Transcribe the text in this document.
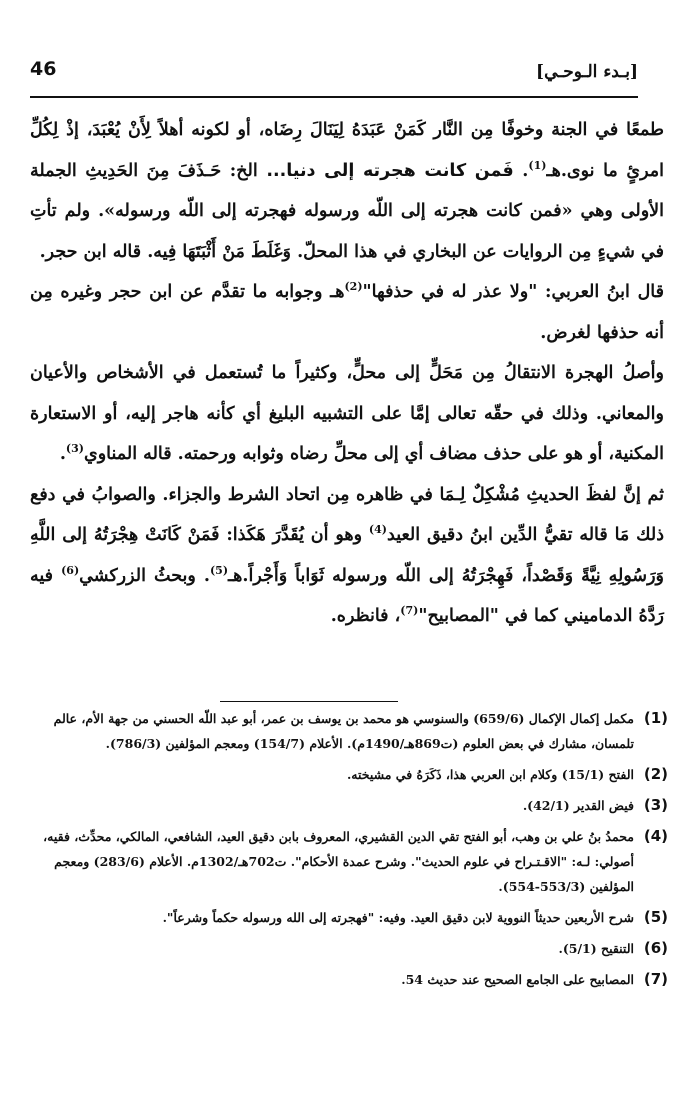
46	[بـدء الـوحـي]

طمعًا في الجنة وخوفًا مِن النَّار كَمَنْ عَبَدَهُ لِيَنَالَ رِضَاه، أو لكونه أهلاً لِأَنْ يُعْبَدَ، إذْ لِكُلِّ امرئٍ ما نوى.هـ$^{(1)}$. فَمن كانت هجرته إلى دنيا... الخ: حَـذَفَ مِنَ الحَدِيثِ الجملة الأولى وهي «فمن كانت هجرته إلى اللّه ورسوله فهجرته إلى اللّه ورسوله». ولم تأتِ في شيءٍ مِن الروايات عن البخاري في هذا المحلّ. وَغَلَطَ مَنْ أَثْبَتَهَا فِيه. قاله ابن حجر.

قال ابنُ العربي: "ولا عذر له في حذفها"$^{(2)}$هـ وجوابه ما تقدَّم عن ابن حجر وغيره مِن أنه حذفها لغرض.

وأصلُ الهجرة الانتقالُ مِن مَحَلٍّ إلى محلٍّ، وكثيراً ما تُستعمل في الأشخاص والأعيان والمعاني. وذلك في حقّه تعالى إمَّا على التشبيه البليغ أي كأنه هاجر إليه، أو الاستعارة المكنية، أو هو على حذف مضاف أي إلى محلِّ رضاه وثوابه ورحمته. قاله المناوي$^{(3)}$.

ثم إنَّ لفظَ الحديثِ مُشْكِلٌ لِـمَا في ظاهره مِن اتحاد الشرط والجزاء. والصوابُ في دفع ذلك مَا قاله تقيُّ الدِّين ابنُ دقيق العيد$^{(4)}$ وهو أن يُقَدَّرَ هَكَذا: فَمَنْ كَانَتْ هِجْرَتُهُ إلى اللَّهِ وَرَسُولِهِ نِيَّةً وَقَصْداً، فَهِجْرَتُهُ إلى اللّه ورسوله ثَوَاباً وَأَجْراً.هـ$^{(5)}$. وبحثُ الزركشي$^{(6)}$ فيه رَدَّهُ الدماميني كما في "المصابيح"$^{(7)}$، فانظره.

(1)
مكمل إكمال الإكمال (659/6) والسنوسي هو محمد بن يوسف بن عمر، أبو عبد اللّه الحسني من جهة الأم، عالم تلمسان، مشارك في بعض العلوم (ت869هـ/1490م). الأعلام (154/7) ومعجم المؤلفين (786/3).
(2)
الفتح (15/1) وكلام ابن العربي هذا، ذَكَرَهُ في مشيخته.
(3)
فيض القدير (42/1).
(4)
محمدُ بنُ علي بن وهب، أبو الفتح تقي الدين القشيري، المعروف بابن دقيق العيد، الشافعي، المالكي، محدِّث، فقيه، أصولي: لـه: "الاقـتـراح في علوم الحديث". وشرح عمدة الأحكام". ت702هـ/1302م. الأعلام (283/6) ومعجم المؤلفين (553/3-554).
(5)
شرح الأربعين حديثاً النووية لابن دقيق العيد. وفيه: "فهجرته إلى الله ورسوله حكماً وشرعاً".
(6)
التنقيح (5/1).
(7)
المصابيح على الجامع الصحيح عند حديث 54.
